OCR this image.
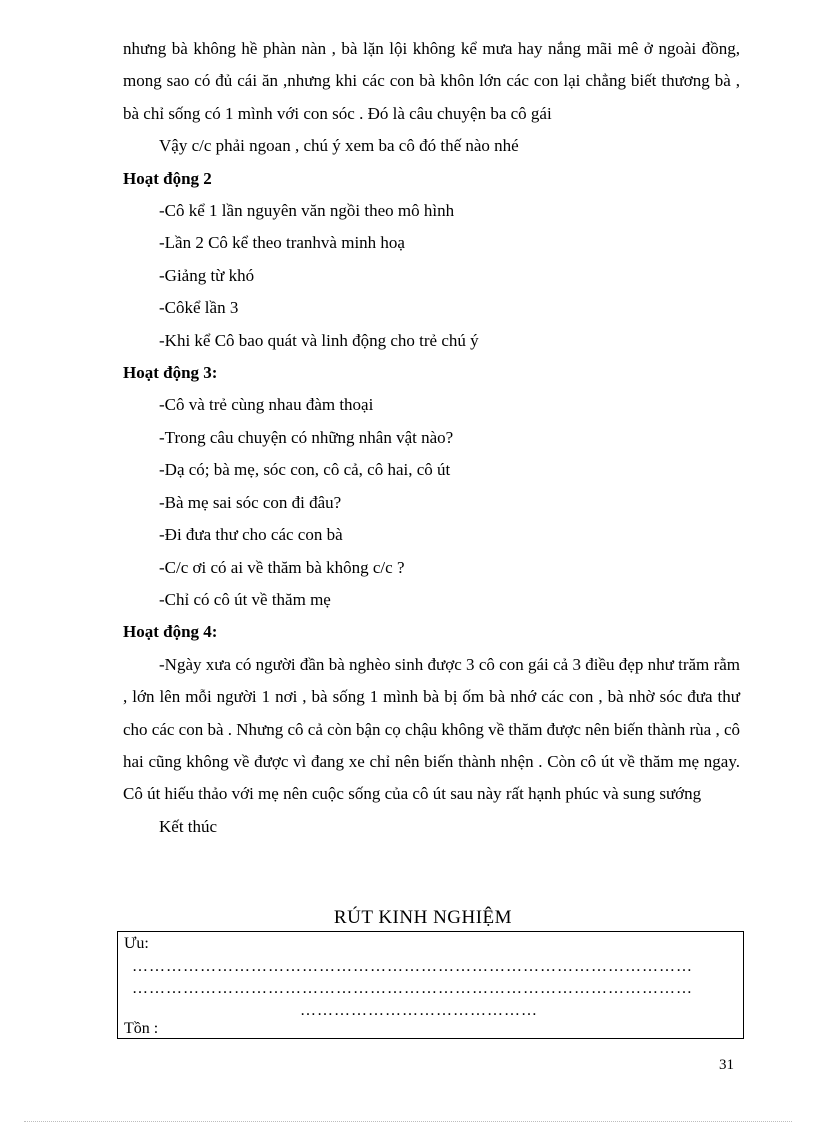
nhưng bà không hề phàn nàn , bà lặn lội không kể mưa hay nắng mãi mê ở ngoài đồng, mong sao có đủ cái ăn ,nhưng khi các con bà khôn lớn các con lại chẳng biết thương bà , bà chỉ sống có 1 mình với con sóc . Đó là câu chuyện ba cô gái

Vậy c/c phải ngoan , chú ý xem ba cô đó thế nào nhé

Hoạt động 2

-Cô kể 1 lần nguyên văn ngồi theo mô hình

-Lần 2 Cô kể theo tranhvà minh hoạ

-Giảng từ khó

-Côkể lần 3

-Khi kể Cô bao quát và linh động cho trẻ chú ý

Hoạt động 3:

-Cô và trẻ cùng nhau đàm thoại

-Trong câu chuyện có những nhân vật nào?

-Dạ có; bà mẹ, sóc con, cô cả, cô hai, cô út

-Bà mẹ sai sóc con đi đâu?

-Đi đưa thư cho các con bà

-C/c ơi có ai về thăm bà không c/c ?

-Chỉ có cô út về thăm mẹ

Hoạt động 4:

-Ngày xưa có người đần bà nghèo sinh được 3 cô con gái cả 3 điều đẹp như trăm rằm , lớn lên mỗi người 1 nơi , bà sống 1 mình bà bị ốm bà nhớ các con , bà nhờ sóc đưa thư cho các con bà . Nhưng cô cả còn bận cọ chậu không về thăm được nên biến thành rùa , cô hai cũng không về được vì đang xe chỉ nên biến thành nhện . Còn cô út về thăm mẹ ngay. Cô út hiếu thảo với mẹ nên cuộc sống của cô út sau này rất hạnh phúc và sung sướng

Kết thúc

RÚT KINH NGHIỆM
Ưu:
………………………………………………………………………………………
………………………………………………………………………………………
……………………………………
Tồn :
31
